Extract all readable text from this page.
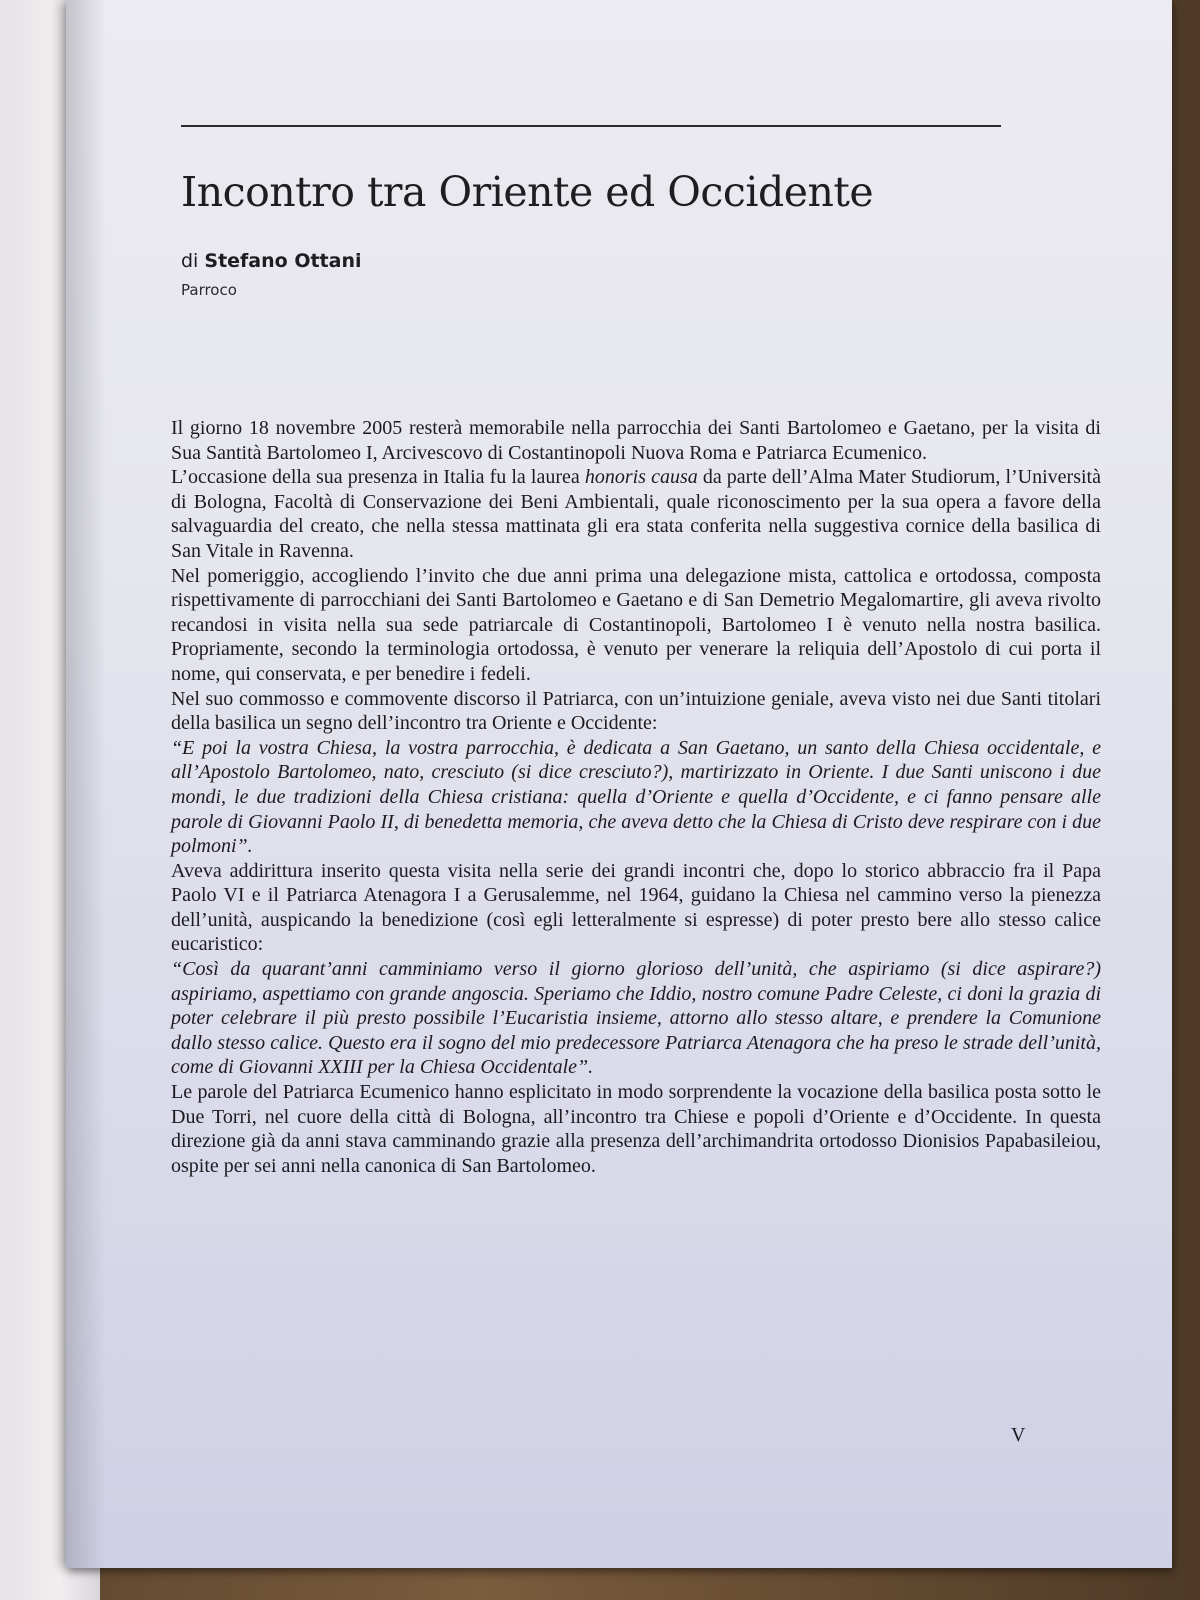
Incontro tra Oriente ed Occidente
di Stefano Ottani
Parroco

Il giorno 18 novembre 2005 resterà memorabile nella parrocchia dei Santi Bartolomeo e Gaetano, per la visita di Sua Santità Bartolomeo I, Arcivescovo di Costantinopoli Nuova Roma e Patriarca Ecumenico.

L’occasione della sua presenza in Italia fu la laurea honoris causa da parte dell’Alma Mater Studiorum, l’Università di Bologna, Facoltà di Conservazione dei Beni Ambientali, quale riconoscimento per la sua opera a favore della salvaguardia del creato, che nella stessa mattinata gli era stata conferita nella suggestiva cornice della basilica di San Vitale in Ravenna.

Nel pomeriggio, accogliendo l’invito che due anni prima una delegazione mista, cattolica e ortodossa, composta rispettivamente di parrocchiani dei Santi Bartolomeo e Gaetano e di San Demetrio Megalomartire, gli aveva rivolto recandosi in visita nella sua sede patriarcale di Costantinopoli, Bartolomeo I è venuto nella nostra basilica. Propriamente, secondo la terminologia ortodossa, è venuto per venerare la reliquia dell’Apostolo di cui porta il nome, qui conservata, e per benedire i fedeli.

Nel suo commosso e commovente discorso il Patriarca, con un’intuizione geniale, aveva visto nei due Santi titolari della basilica un segno dell’incontro tra Oriente e Occidente:

“E poi la vostra Chiesa, la vostra parrocchia, è dedicata a San Gaetano, un santo della Chiesa occidentale, e all’Apostolo Bartolomeo, nato, cresciuto (si dice cresciuto?), martirizzato in Oriente. I due Santi uniscono i due mondi, le due tradizioni della Chiesa cristiana: quella d’Oriente e quella d’Occidente, e ci fanno pensare alle parole di Giovanni Paolo II, di benedetta memoria, che aveva detto che la Chiesa di Cristo deve respirare con i due polmoni”.

Aveva addirittura inserito questa visita nella serie dei grandi incontri che, dopo lo storico abbraccio fra il Papa Paolo VI e il Patriarca Atenagora I a Gerusalemme, nel 1964, guidano la Chiesa nel cammino verso la pienezza dell’unità, auspicando la benedizione (così egli letteralmente si espresse) di poter presto bere allo stesso calice eucaristico:

“Così da quarant’anni camminiamo verso il giorno glorioso dell’unità, che aspiriamo (si dice aspirare?) aspiriamo, aspettiamo con grande angoscia. Speriamo che Iddio, nostro comune Padre Celeste, ci doni la grazia di poter celebrare il più presto possibile l’Eucaristia insieme, attorno allo stesso altare, e prendere la Comunione dallo stesso calice. Questo era il sogno del mio predecessore Patriarca Atenagora che ha preso le strade dell’unità, come di Giovanni XXIII per la Chiesa Occidentale”.

Le parole del Patriarca Ecumenico hanno esplicitato in modo sorprendente la vocazione della basilica posta sotto le Due Torri, nel cuore della città di Bologna, all’incontro tra Chiese e popoli d’Oriente e d’Occidente. In questa direzione già da anni stava camminando grazie alla presenza dell’archimandrita ortodosso Dionisios Papabasileiou, ospite per sei anni nella canonica di San Bartolomeo.

V
